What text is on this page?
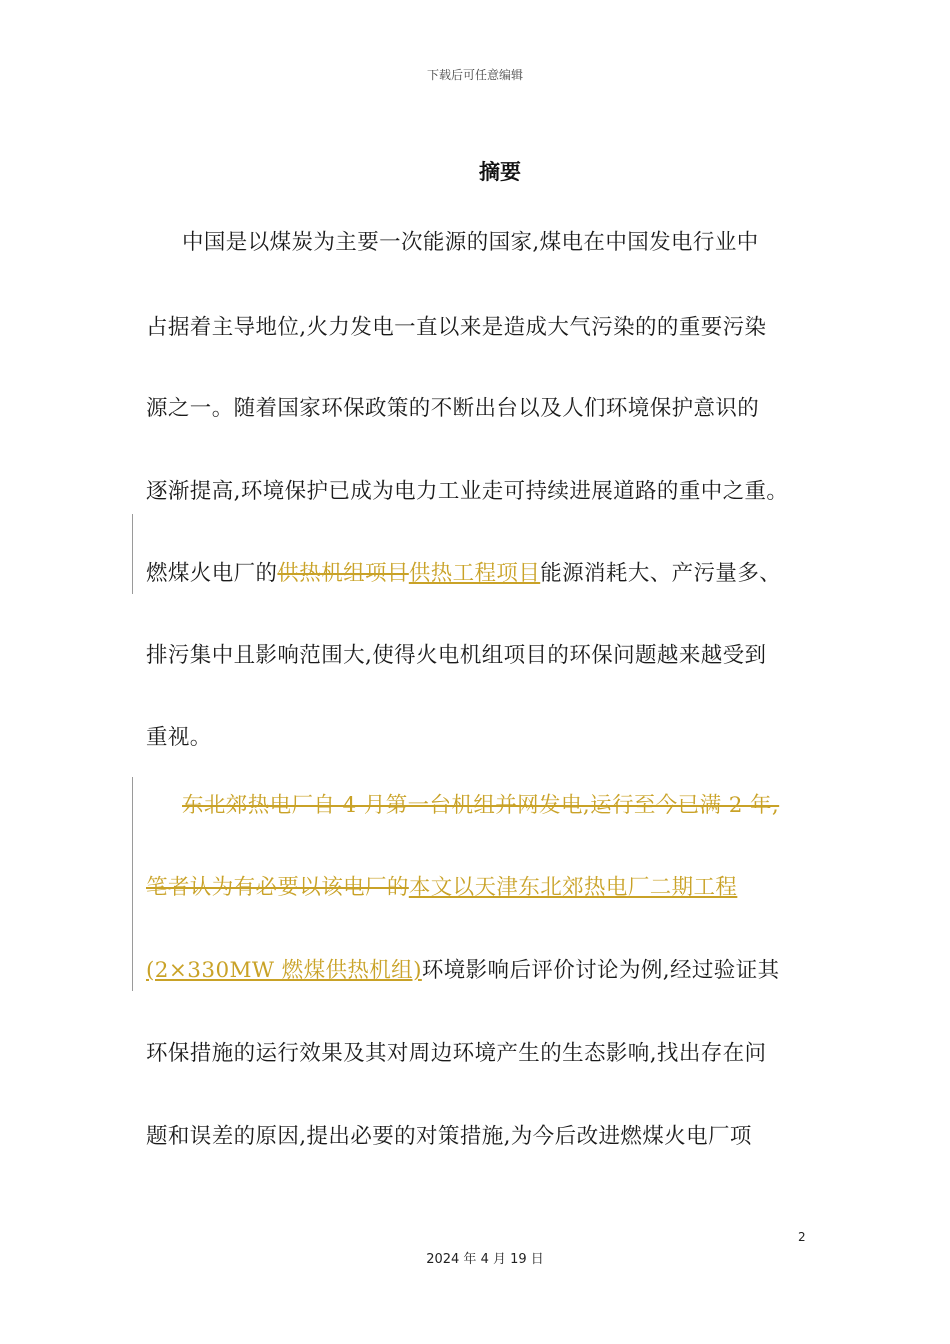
下载后可任意编辑
摘要
中国是以煤炭为主要一次能源的国家,煤电在中国发电行业中
占据着主导地位,火力发电一直以来是造成大气污染的的重要污染
源之一。随着国家环保政策的不断出台以及人们环境保护意识的
逐渐提高,环境保护已成为电力工业走可持续进展道路的重中之重。
燃煤火电厂的供热机组项目供热工程项目能源消耗大、产污量多、
排污集中且影响范围大,使得火电机组项目的环保问题越来越受到
重视。
东北郊热电厂自 4 月第一台机组并网发电,运行至今已满 2 年,
笔者认为有必要以该电厂的本文以天津东北郊热电厂二期工程
(2×330MW 燃煤供热机组)环境影响后评价讨论为例,经过验证其
环保措施的运行效果及其对周边环境产生的生态影响,找出存在问
题和误差的原因,提出必要的对策措施,为今后改进燃煤火电厂项
2
2024 年 4 月 19 日
